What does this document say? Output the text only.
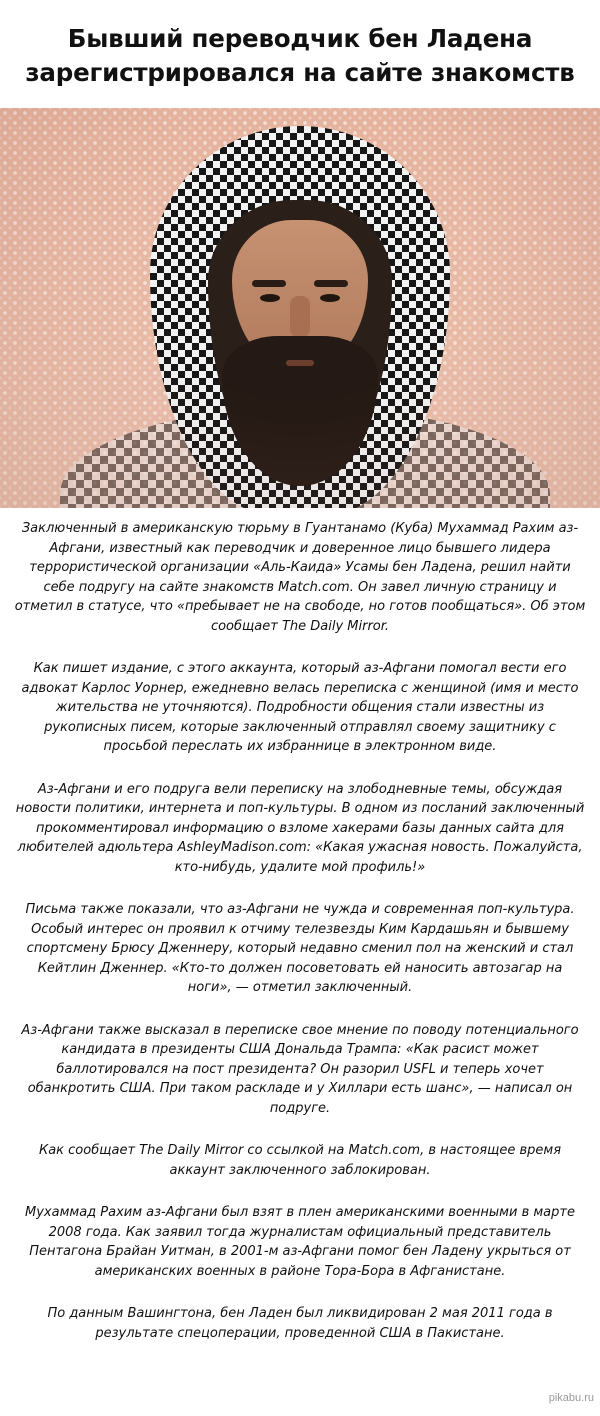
Бывший переводчик бен Ладена зарегистрировался на сайте знакомств

Заключенный в американскую тюрьму в Гуантанамо (Куба) Мухаммад Рахим аз-Афгани, известный как переводчик и доверенное лицо бывшего лидера террористической организации «Аль-Каида» Усамы бен Ладена, решил найти себе подругу на сайте знакомств Match.com. Он завел личную страницу и отметил в статусе, что «пребывает не на свободе, но готов пообщаться». Об этом сообщает The Daily Mirror.

Как пишет издание, с этого аккаунта, который аз-Афгани помогал вести его адвокат Карлос Уорнер, ежедневно велась переписка с женщиной (имя и место жительства не уточняются). Подробности общения стали известны из рукописных писем, которые заключенный отправлял своему защитнику с просьбой переслать их избраннице в электронном виде.

Аз-Афгани и его подруга вели переписку на злободневные темы, обсуждая новости политики, интернета и поп-культуры. В одном из посланий заключенный прокомментировал информацию о взломе хакерами базы данных сайта для любителей адюльтера AshleyMadison.com: «Какая ужасная новость. Пожалуйста, кто-нибудь, удалите мой профиль!»

Письма также показали, что аз-Афгани не чужда и современная поп-культура. Особый интерес он проявил к отчиму телезвезды Ким Кардашьян и бывшему спортсмену Брюсу Дженнеру, который недавно сменил пол на женский и стал Кейтлин Дженнер. «Кто-то должен посоветовать ей наносить автозагар на ноги», — отметил заключенный.

Аз-Афгани также высказал в переписке свое мнение по поводу потенциального кандидата в президенты США Дональда Трампа: «Как расист может баллотировался на пост президента? Он разорил USFL и теперь хочет обанкротить США. При таком раскладе и у Хиллари есть шанс», — написал он подруге.

Как сообщает The Daily Mirror со ссылкой на Match.com, в настоящее время аккаунт заключенного заблокирован.

Мухаммад Рахим аз-Афгани был взят в плен американскими военными в марте 2008 года. Как заявил тогда журналистам официальный представитель Пентагона Брайан Уитман, в 2001-м аз-Афгани помог бен Ладену укрыться от американских военных в районе Тора-Бора в Афганистане.

По данным Вашингтона, бен Ладен был ликвидирован 2 мая 2011 года в результате спецоперации, проведенной США в Пакистане.

pikabu.ru
